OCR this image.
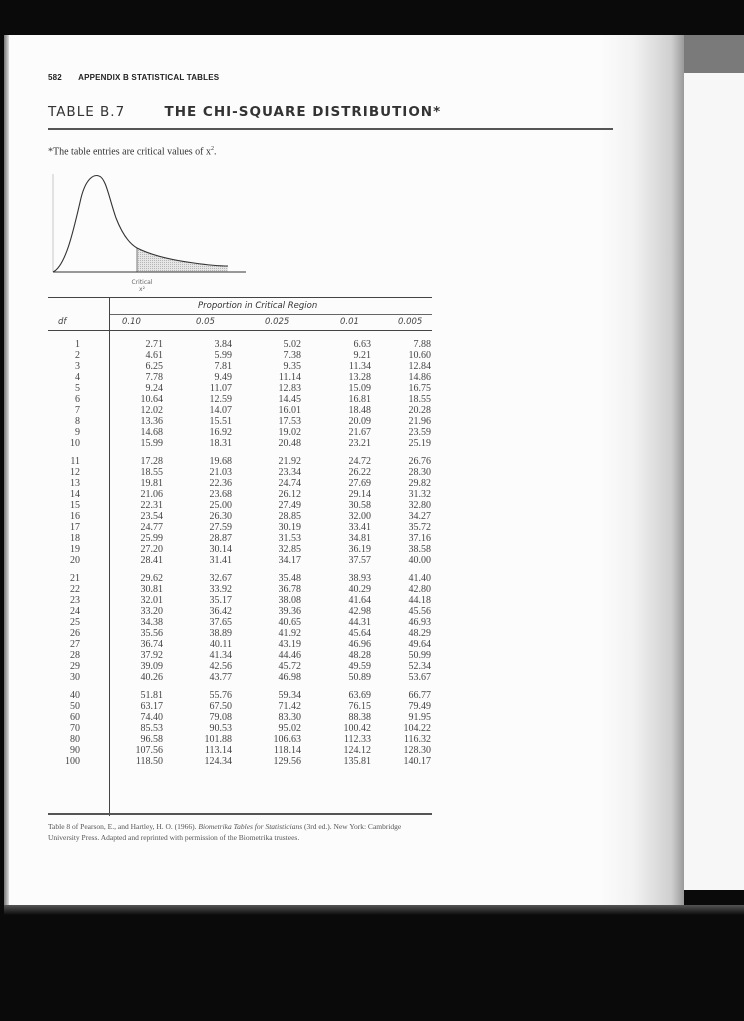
582 APPENDIX B STATISTICAL TABLES
TABLE B.7	THE CHI-SQUARE DISTRIBUTION*
*The table entries are critical values of $x^2$.
Critical
x²
Proportion in Critical Region
df	0.10	0.05	0.025	0.01	0.005
1	2.71	3.84	5.02	6.63	7.88
2	4.61	5.99	7.38	9.21	10.60
3	6.25	7.81	9.35	11.34	12.84
4	7.78	9.49	11.14	13.28	14.86
5	9.24	11.07	12.83	15.09	16.75
6	10.64	12.59	14.45	16.81	18.55
7	12.02	14.07	16.01	18.48	20.28
8	13.36	15.51	17.53	20.09	21.96
9	14.68	16.92	19.02	21.67	23.59
10	15.99	18.31	20.48	23.21	25.19
11	17.28	19.68	21.92	24.72	26.76
12	18.55	21.03	23.34	26.22	28.30
13	19.81	22.36	24.74	27.69	29.82
14	21.06	23.68	26.12	29.14	31.32
15	22.31	25.00	27.49	30.58	32.80
16	23.54	26.30	28.85	32.00	34.27
17	24.77	27.59	30.19	33.41	35.72
18	25.99	28.87	31.53	34.81	37.16
19	27.20	30.14	32.85	36.19	38.58
20	28.41	31.41	34.17	37.57	40.00
21	29.62	32.67	35.48	38.93	41.40
22	30.81	33.92	36.78	40.29	42.80
23	32.01	35.17	38.08	41.64	44.18
24	33.20	36.42	39.36	42.98	45.56
25	34.38	37.65	40.65	44.31	46.93
26	35.56	38.89	41.92	45.64	48.29
27	36.74	40.11	43.19	46.96	49.64
28	37.92	41.34	44.46	48.28	50.99
29	39.09	42.56	45.72	49.59	52.34
30	40.26	43.77	46.98	50.89	53.67
40	51.81	55.76	59.34	63.69	66.77
50	63.17	67.50	71.42	76.15	79.49
60	74.40	79.08	83.30	88.38	91.95
70	85.53	90.53	95.02	100.42	104.22
80	96.58	101.88	106.63	112.33	116.32
90	107.56	113.14	118.14	124.12	128.30
100	118.50	124.34	129.56	135.81	140.17
Table 8 of Pearson, E., and Hartley, H. O. (1966). Biometrika Tables for Statisticians (3rd ed.). New York: Cambridge University Press. Adapted and reprinted with permission of the Biometrika trustees.
